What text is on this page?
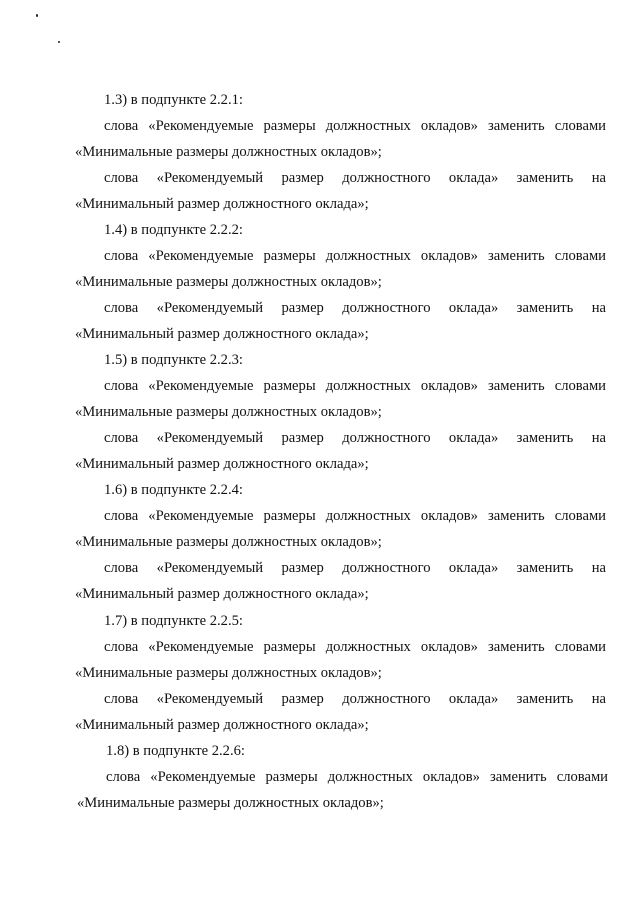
1.3) в подпункте 2.2.1:
слова «Рекомендуемые размеры должностных окладов» заменить словами
«Минимальные размеры должностных окладов»;
слова «Рекомендуемый размер должностного оклада» заменить на
«Минимальный размер должностного оклада»;
1.4) в подпункте 2.2.2:
слова «Рекомендуемые размеры должностных окладов» заменить словами
«Минимальные размеры должностных окладов»;
слова «Рекомендуемый размер должностного оклада» заменить на
«Минимальный размер должностного оклада»;
1.5) в подпункте 2.2.3:
слова «Рекомендуемые размеры должностных окладов» заменить словами
«Минимальные размеры должностных окладов»;
слова «Рекомендуемый размер должностного оклада» заменить на
«Минимальный размер должностного оклада»;
1.6) в подпункте 2.2.4:
слова «Рекомендуемые размеры должностных окладов» заменить словами
«Минимальные размеры должностных окладов»;
слова «Рекомендуемый размер должностного оклада» заменить на
«Минимальный размер должностного оклада»;
1.7) в подпункте 2.2.5:
слова «Рекомендуемые размеры должностных окладов» заменить словами
«Минимальные размеры должностных окладов»;
слова «Рекомендуемый размер должностного оклада» заменить на
«Минимальный размер должностного оклада»;
1.8) в подпункте 2.2.6:
слова «Рекомендуемые размеры должностных окладов» заменить словами
«Минимальные размеры должностных окладов»;
